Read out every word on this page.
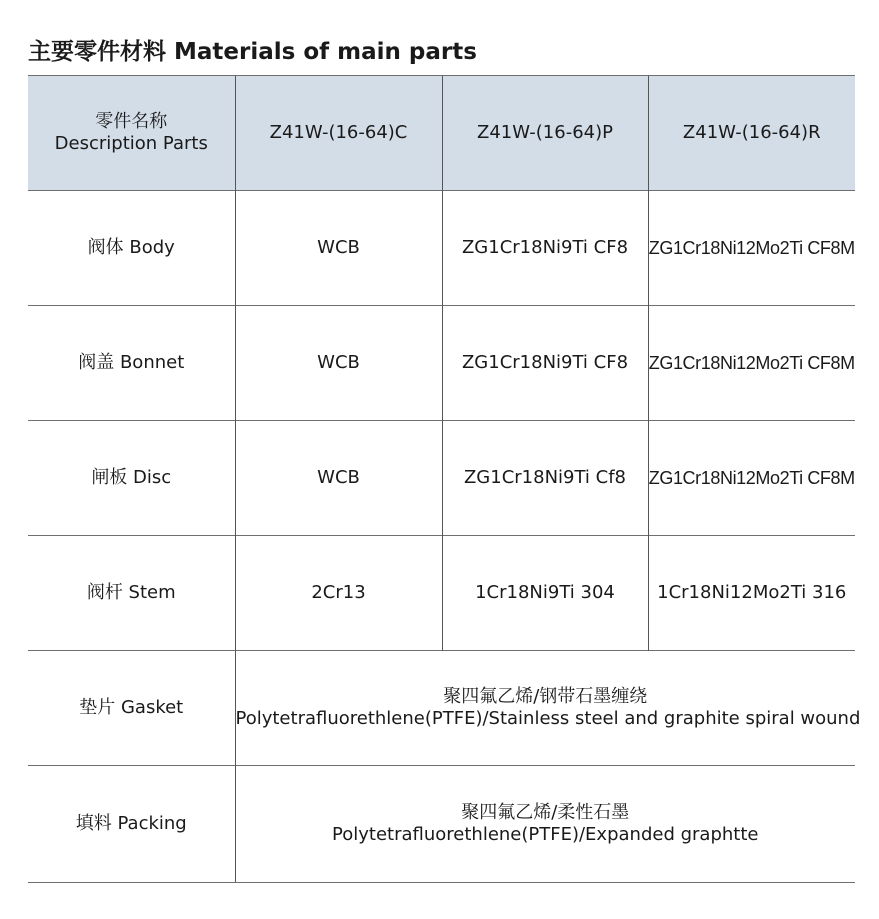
主要零件材料 Materials of main parts
零件名称
Description Parts	Z41W-(16-64)C	Z41W-(16-64)P	Z41W-(16-64)R
阀体 Body	WCB	ZG1Cr18Ni9Ti CF8	ZG1Cr18Ni12Mo2Ti CF8M
阀盖 Bonnet	WCB	ZG1Cr18Ni9Ti CF8	ZG1Cr18Ni12Mo2Ti CF8M
闸板 Disc	WCB	ZG1Cr18Ni9Ti Cf8	ZG1Cr18Ni12Mo2Ti CF8M
阀杆 Stem	2Cr13	1Cr18Ni9Ti 304	1Cr18Ni12Mo2Ti 316
垫片 Gasket	聚四氟乙烯/钢带石墨缠绕
Polytetrafluorethlene(PTFE)/Stainless steel and graphite spiral wound		

填料 Packing	聚四氟乙烯/柔性石墨
Polytetrafluorethlene(PTFE)/Expanded graphtte		
